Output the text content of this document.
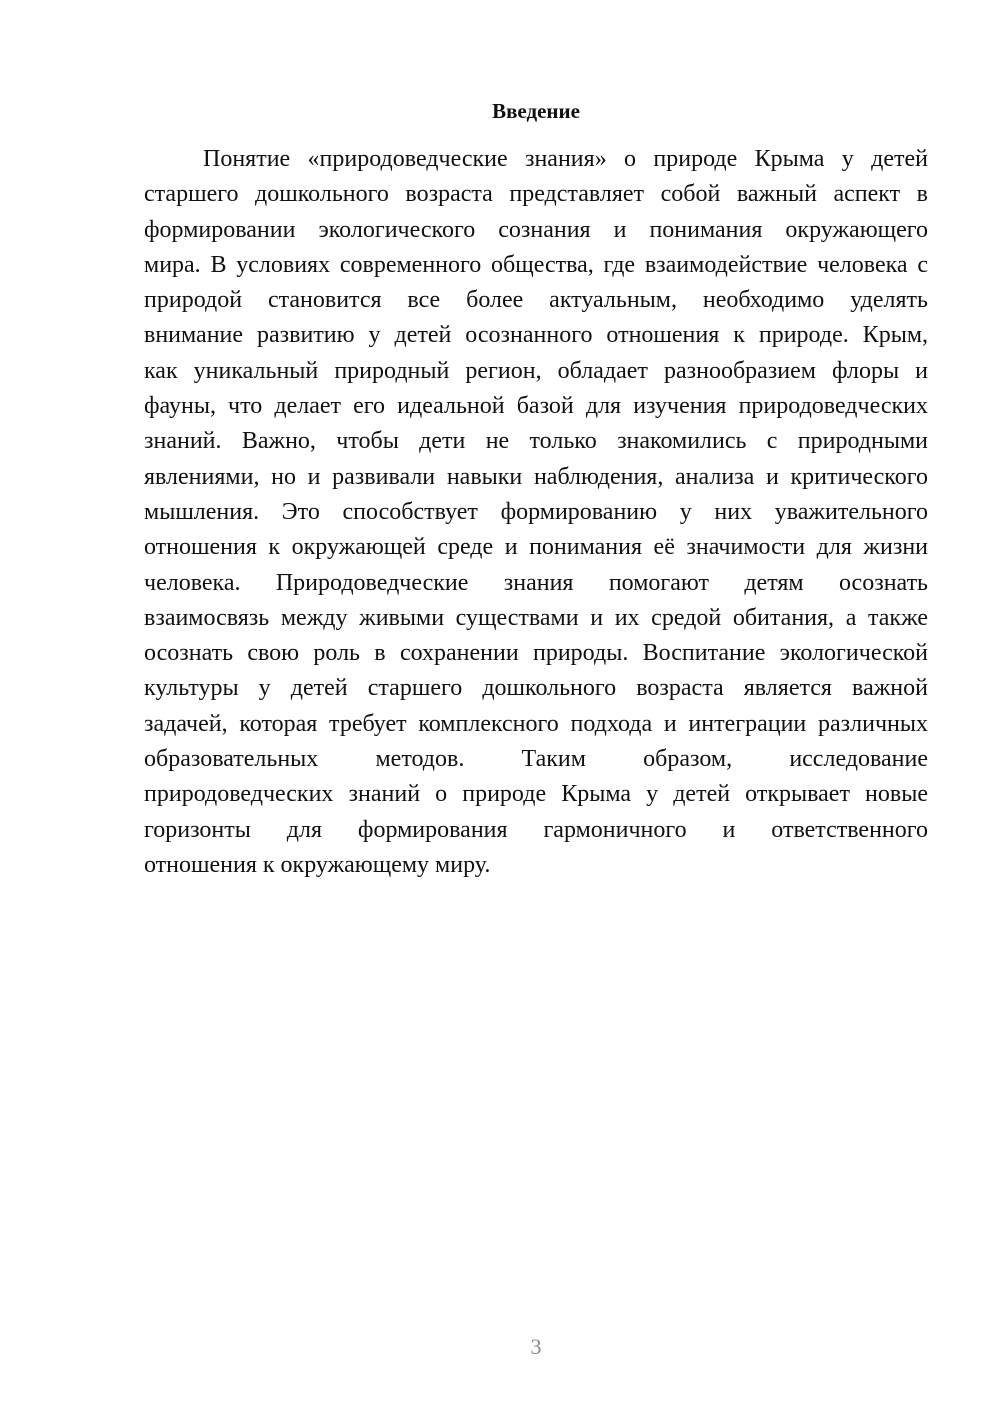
Введение
Понятие «природоведческие знания» о природе Крыма у детей
старшего дошкольного возраста представляет собой важный аспект в
формировании экологического сознания и понимания окружающего
мира. В условиях современного общества, где взаимодействие человека с
природой становится все более актуальным, необходимо уделять
внимание развитию у детей осознанного отношения к природе. Крым,
как уникальный природный регион, обладает разнообразием флоры и
фауны, что делает его идеальной базой для изучения природоведческих
знаний. Важно, чтобы дети не только знакомились с природными
явлениями, но и развивали навыки наблюдения, анализа и критического
мышления. Это способствует формированию у них уважительного
отношения к окружающей среде и понимания её значимости для жизни
человека. Природоведческие знания помогают детям осознать
взаимосвязь между живыми существами и их средой обитания, а также
осознать свою роль в сохранении природы. Воспитание экологической
культуры у детей старшего дошкольного возраста является важной
задачей, которая требует комплексного подхода и интеграции различных
образовательных методов. Таким образом, исследование
природоведческих знаний о природе Крыма у детей открывает новые
горизонты для формирования гармоничного и ответственного
отношения к окружающему миру.
3
